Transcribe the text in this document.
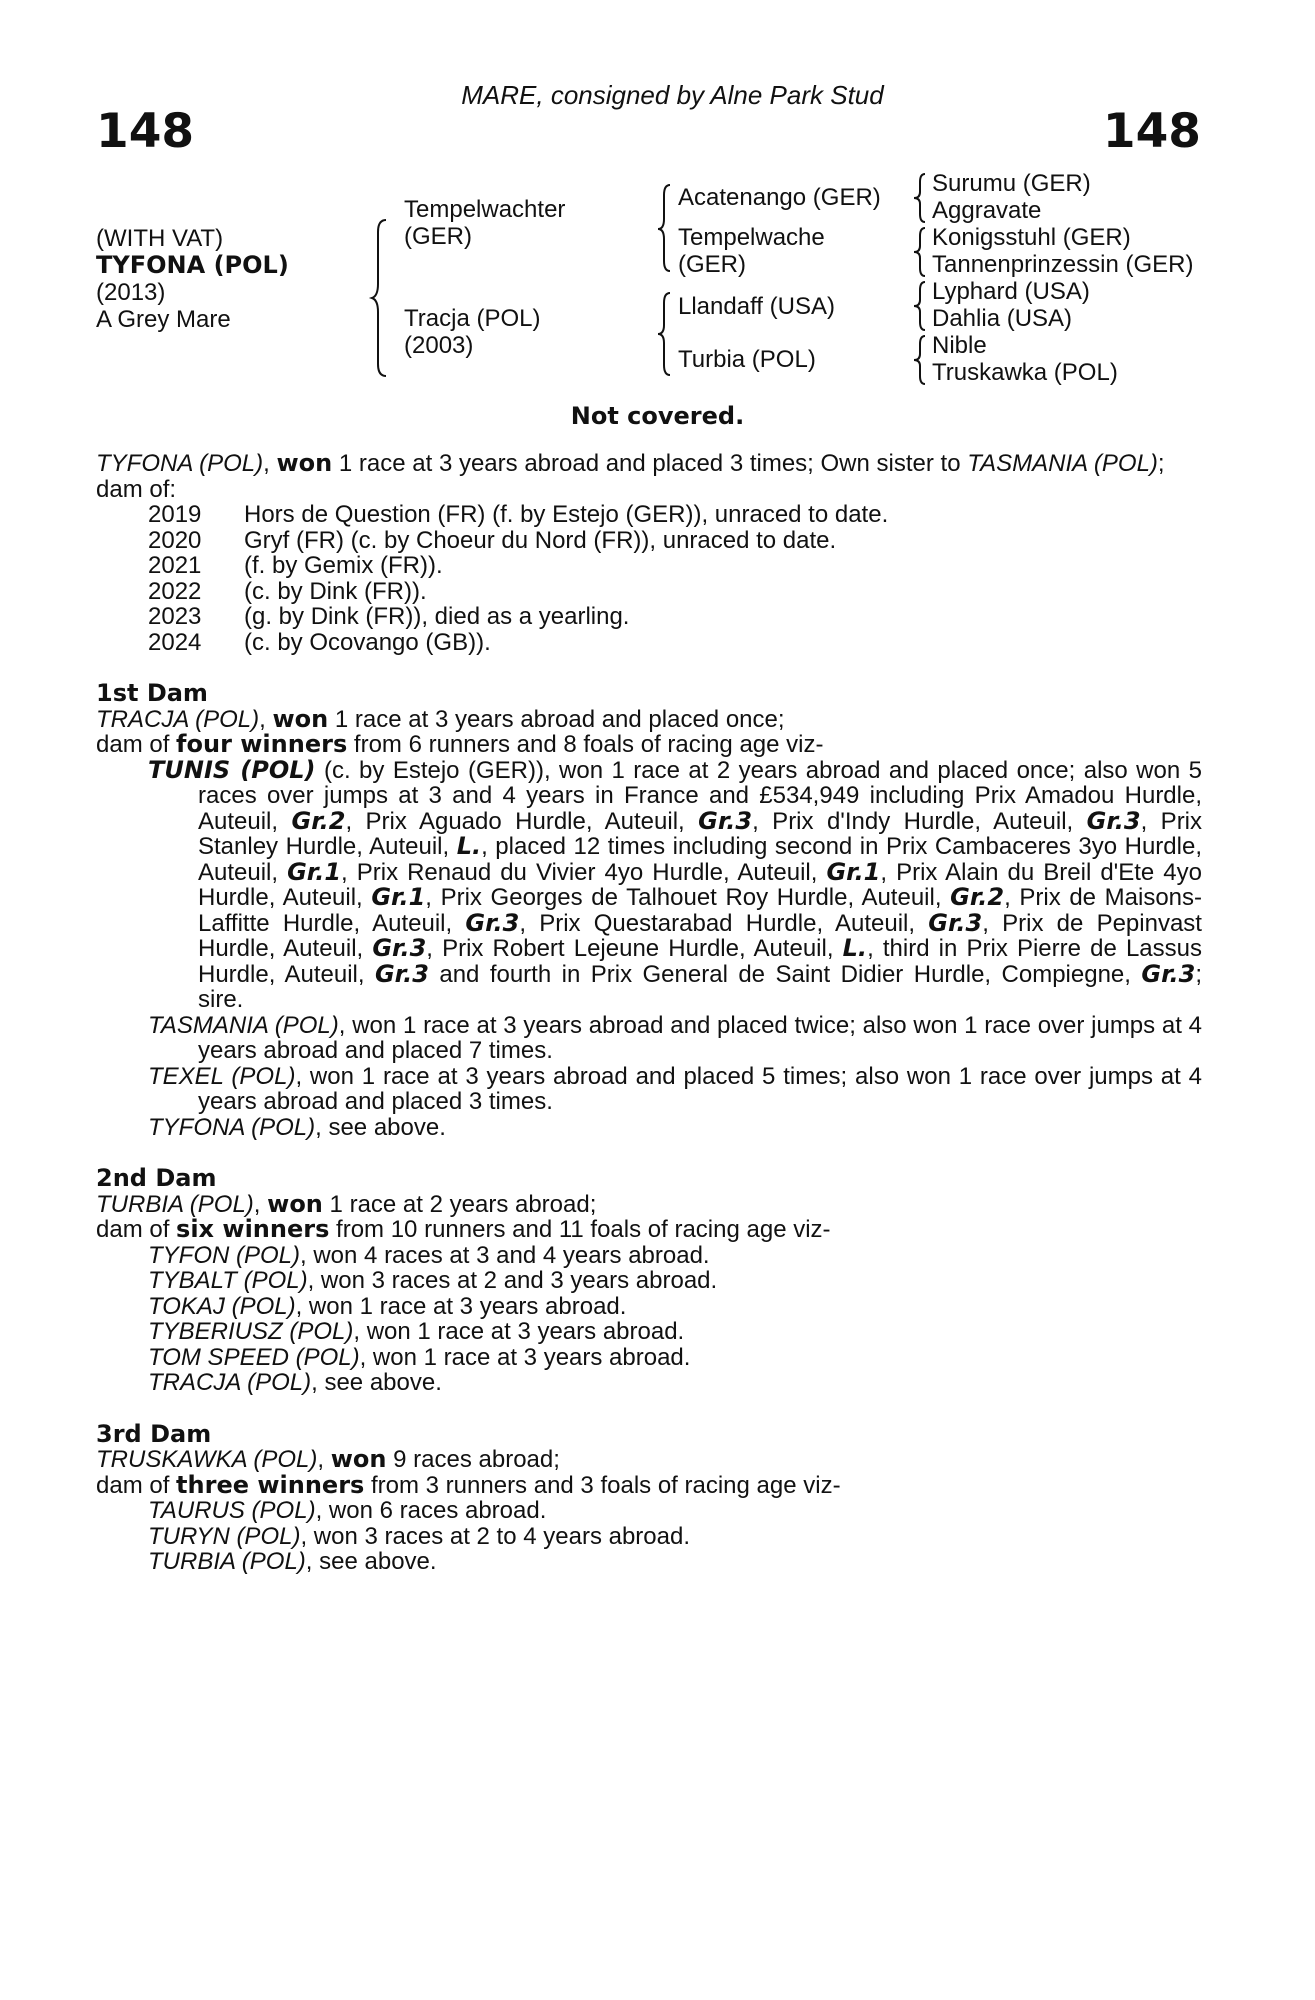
MARE, consigned by Alne Park Stud
148	148
(WITH VAT)
TYFONA (POL)
(2013)
A Grey Mare
Tempelwachter
(GER)
Tracja (POL)
(2003)
Acatenango (GER)
Tempelwache
(GER)
Llandaff (USA)
Turbia (POL)
Surumu (GER)
Aggravate
Konigsstuhl (GER)
Tannenprinzessin (GER)
Lyphard (USA)
Dahlia (USA)
Nible
Truskawka (POL)
Not covered.

TYFONA (POL), won 1 race at 3 years abroad and placed 3 times; Own sister to TASMANIA (POL);

dam of:

2019 Hors de Question (FR) (f. by Estejo (GER)), unraced to date.
2020 Gryf (FR) (c. by Choeur du Nord (FR)), unraced to date.
2021 (f. by Gemix (FR)).
2022 (c. by Dink (FR)).
2023 (g. by Dink (FR)), died as a yearling.
2024 (c. by Ocovango (GB)).
1st Dam

TRACJA (POL), won 1 race at 3 years abroad and placed once;

dam of four winners from 6 runners and 8 foals of racing age viz-

TUNIS (POL) (c. by Estejo (GER)), won 1 race at 2 years abroad and placed once; also won 5 races over jumps at 3 and 4 years in France and £534,949 including Prix Amadou Hurdle, Auteuil, Gr.2, Prix Aguado Hurdle, Auteuil, Gr.3, Prix d'Indy Hurdle, Auteuil, Gr.3, Prix Stanley Hurdle, Auteuil, L., placed 12 times including second in Prix Cambaceres 3yo Hurdle, Auteuil, Gr.1, Prix Renaud du Vivier 4yo Hurdle, Auteuil, Gr.1, Prix Alain du Breil d'Ete 4yo Hurdle, Auteuil, Gr.1, Prix Georges de Talhouet Roy Hurdle, Auteuil, Gr.2, Prix de Maisons-Laffitte Hurdle, Auteuil, Gr.3, Prix Questarabad Hurdle, Auteuil, Gr.3, Prix de Pepinvast Hurdle, Auteuil, Gr.3, Prix Robert Lejeune Hurdle, Auteuil, L., third in Prix Pierre de Lassus Hurdle, Auteuil, Gr.3 and fourth in Prix General de Saint Didier Hurdle, Compiegne, Gr.3; sire.

TASMANIA (POL), won 1 race at 3 years abroad and placed twice; also won 1 race over jumps at 4 years abroad and placed 7 times.

TEXEL (POL), won 1 race at 3 years abroad and placed 5 times; also won 1 race over jumps at 4 years abroad and placed 3 times.

TYFONA (POL), see above.

2nd Dam

TURBIA (POL), won 1 race at 2 years abroad;

dam of six winners from 10 runners and 11 foals of racing age viz-

TYFON (POL), won 4 races at 3 and 4 years abroad.

TYBALT (POL), won 3 races at 2 and 3 years abroad.

TOKAJ (POL), won 1 race at 3 years abroad.

TYBERIUSZ (POL), won 1 race at 3 years abroad.

TOM SPEED (POL), won 1 race at 3 years abroad.

TRACJA (POL), see above.

3rd Dam

TRUSKAWKA (POL), won 9 races abroad;

dam of three winners from 3 runners and 3 foals of racing age viz-

TAURUS (POL), won 6 races abroad.

TURYN (POL), won 3 races at 2 to 4 years abroad.

TURBIA (POL), see above.
